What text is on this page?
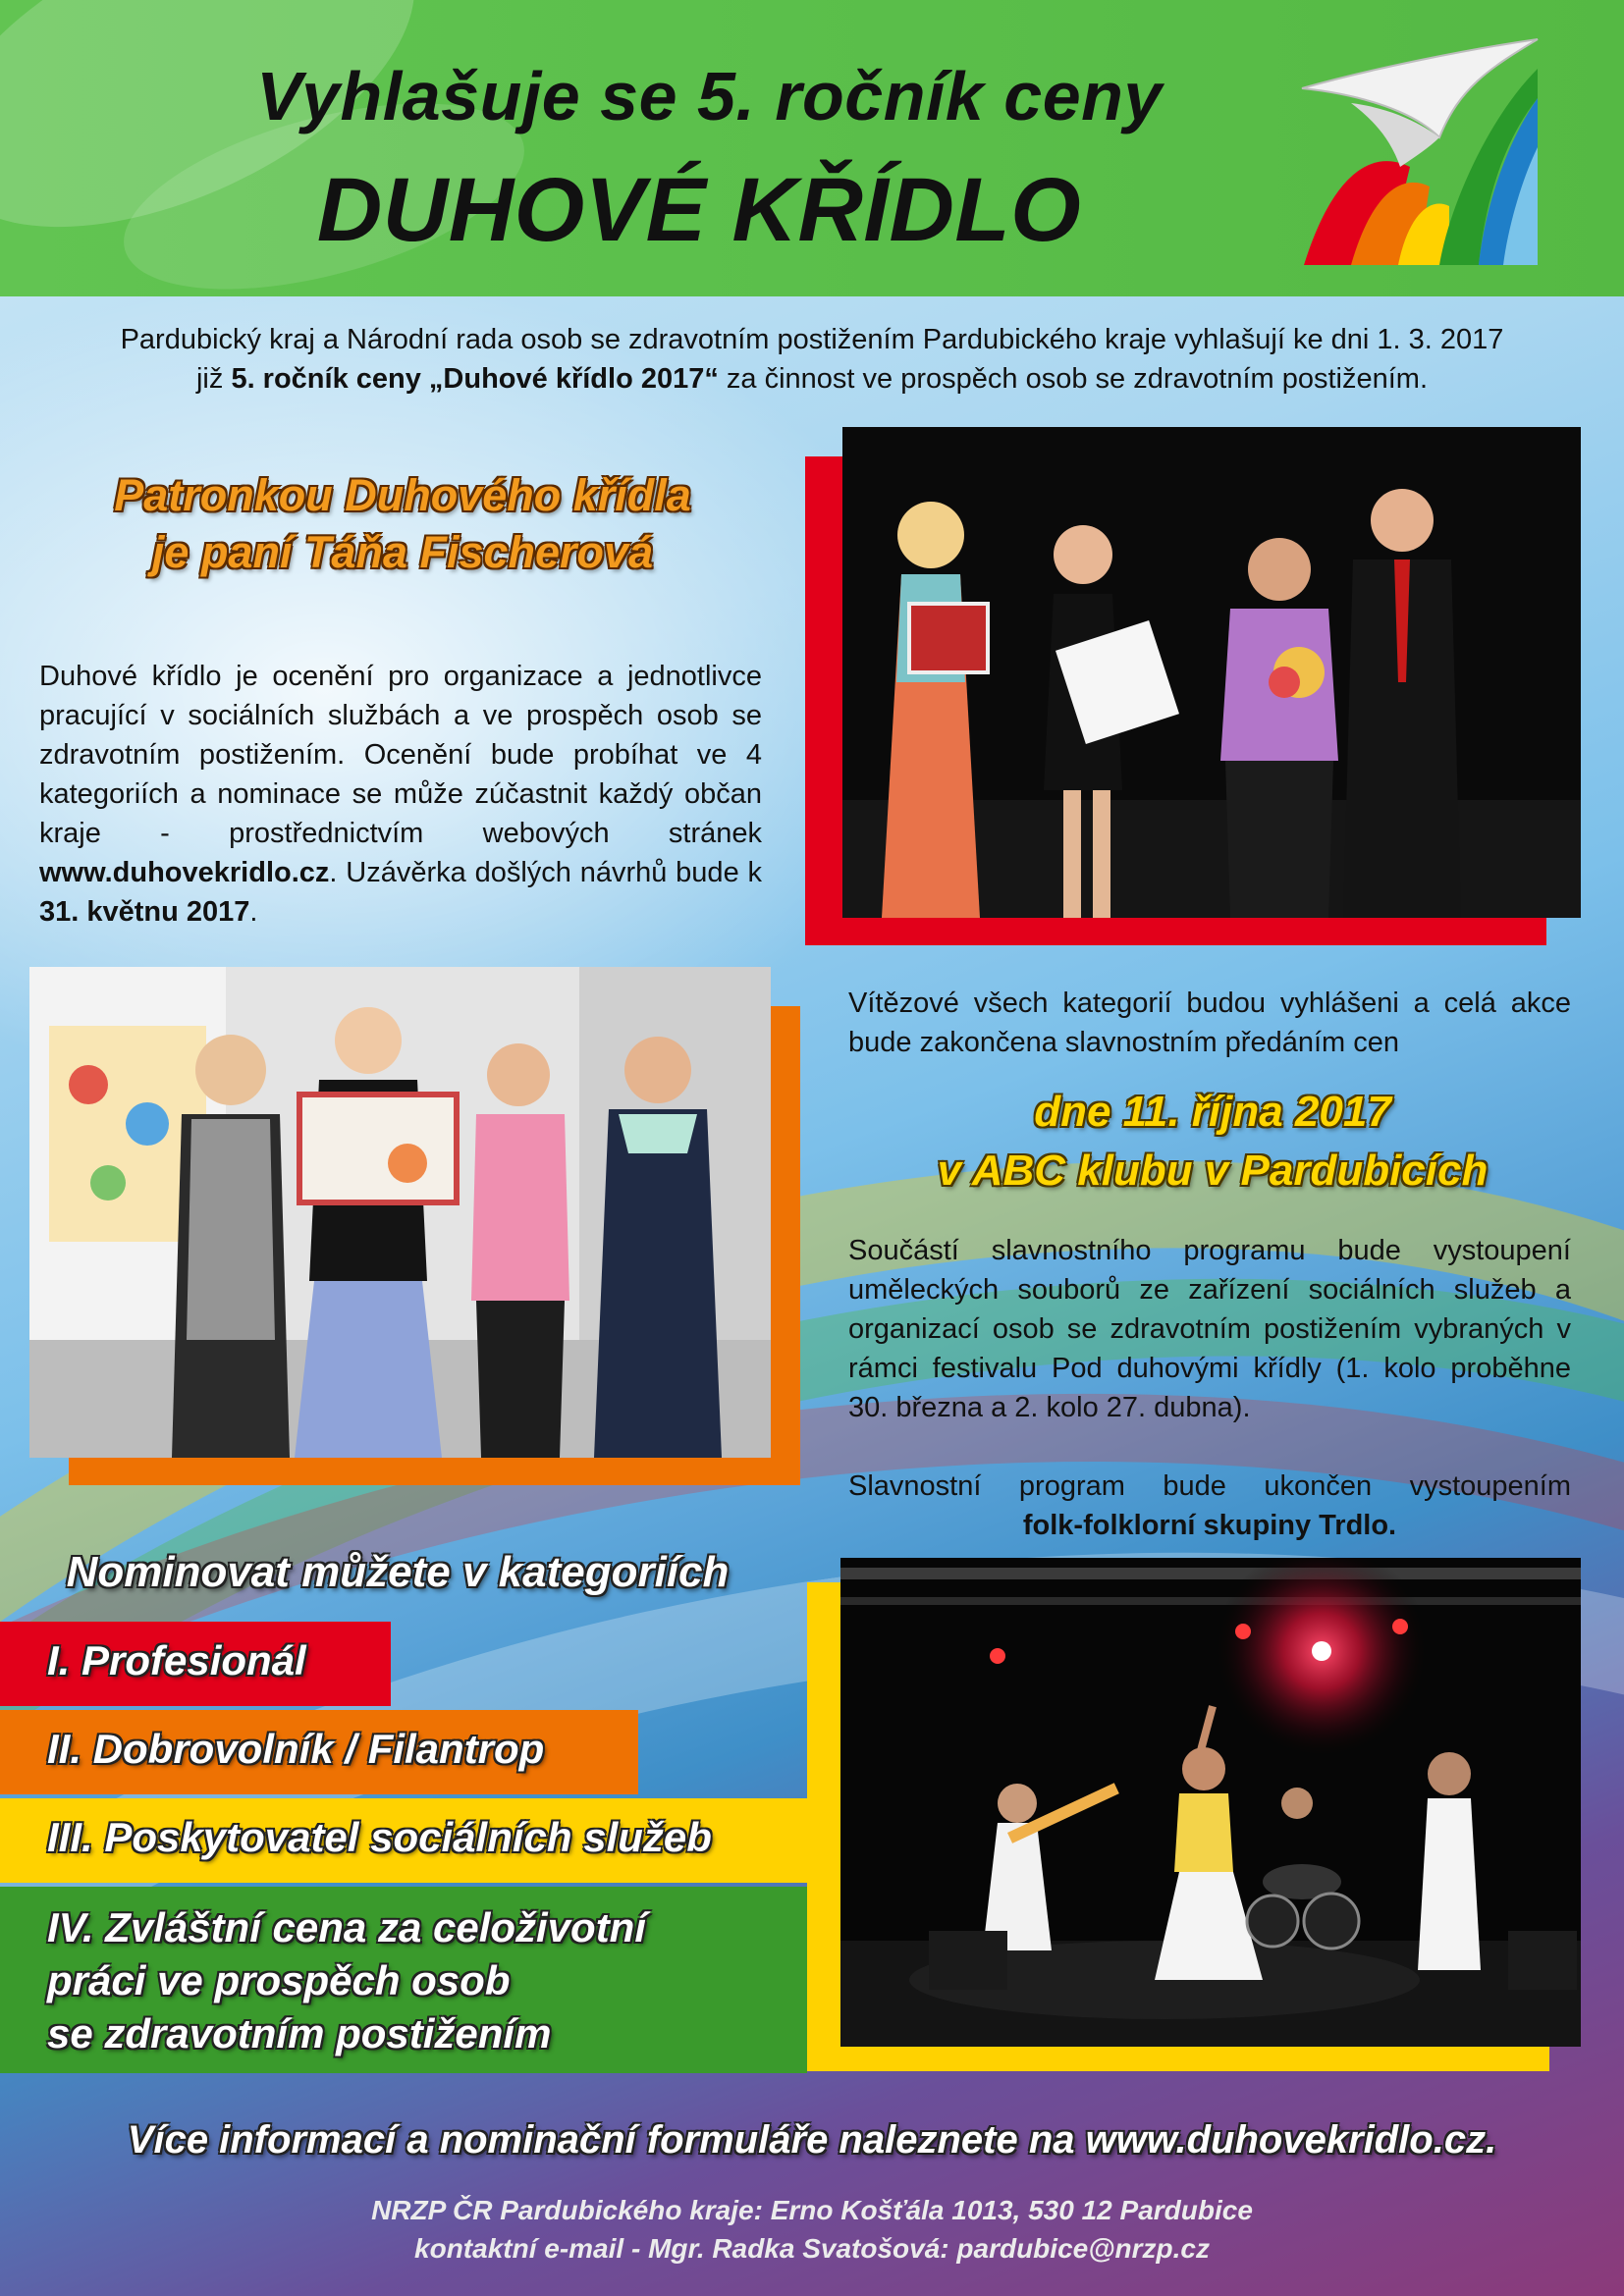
Vyhlašuje se 5. ročník ceny
DUHOVÉ KŘÍDLO
Pardubický kraj a Národní rada osob se zdravotním postižením Pardubického kraje vyhlašují ke dni 1. 3. 2017
již 5. ročník ceny „Duhové křídlo 2017“ za činnost ve prospěch osob se zdravotním postižením.
Patronkou Duhového křídla
je paní Táňa Fischerová
Duhové křídlo je ocenění pro organizace a jednotlivce pracující v sociálních službách a ve prospěch osob se zdravotním postižením. Ocenění bude probíhat ve 4 kategoriích a nominace se může zúčastnit každý občan kraje - prostřednictvím webových stránek www.duhovekridlo.cz. Uzávěrka došlých návrhů bude k 31. květnu 2017.
Vítězové všech kategorií budou vyhlášeni a celá akce bude zakončena slavnostním předáním cen
dne 11. října 2017
v ABC klubu v Pardubicích
Součástí slavnostního programu bude vystoupení uměleckých souborů ze zařízení sociálních služeb a organizací osob se zdravotním postižením vybraných v rámci festivalu Pod duhovými křídly (1. kolo proběhne 30. března a 2. kolo 27. dubna).
Slavnostní program bude ukončen vystoupením
folk-folklorní skupiny Trdlo.
Nominovat můžete v kategoriích
I. Profesionál
II. Dobrovolník / Filantrop
III. Poskytovatel sociálních služeb
IV. Zvláštní cena za celoživotní
práci ve prospěch osob
se zdravotním postižením
Více informací a nominační formuláře naleznete na www.duhovekridlo.cz.
NRZP ČR Pardubického kraje: Erno Košťála 1013, 530 12 Pardubice
kontaktní e-mail - Mgr. Radka Svatošová: pardubice@nrzp.cz
